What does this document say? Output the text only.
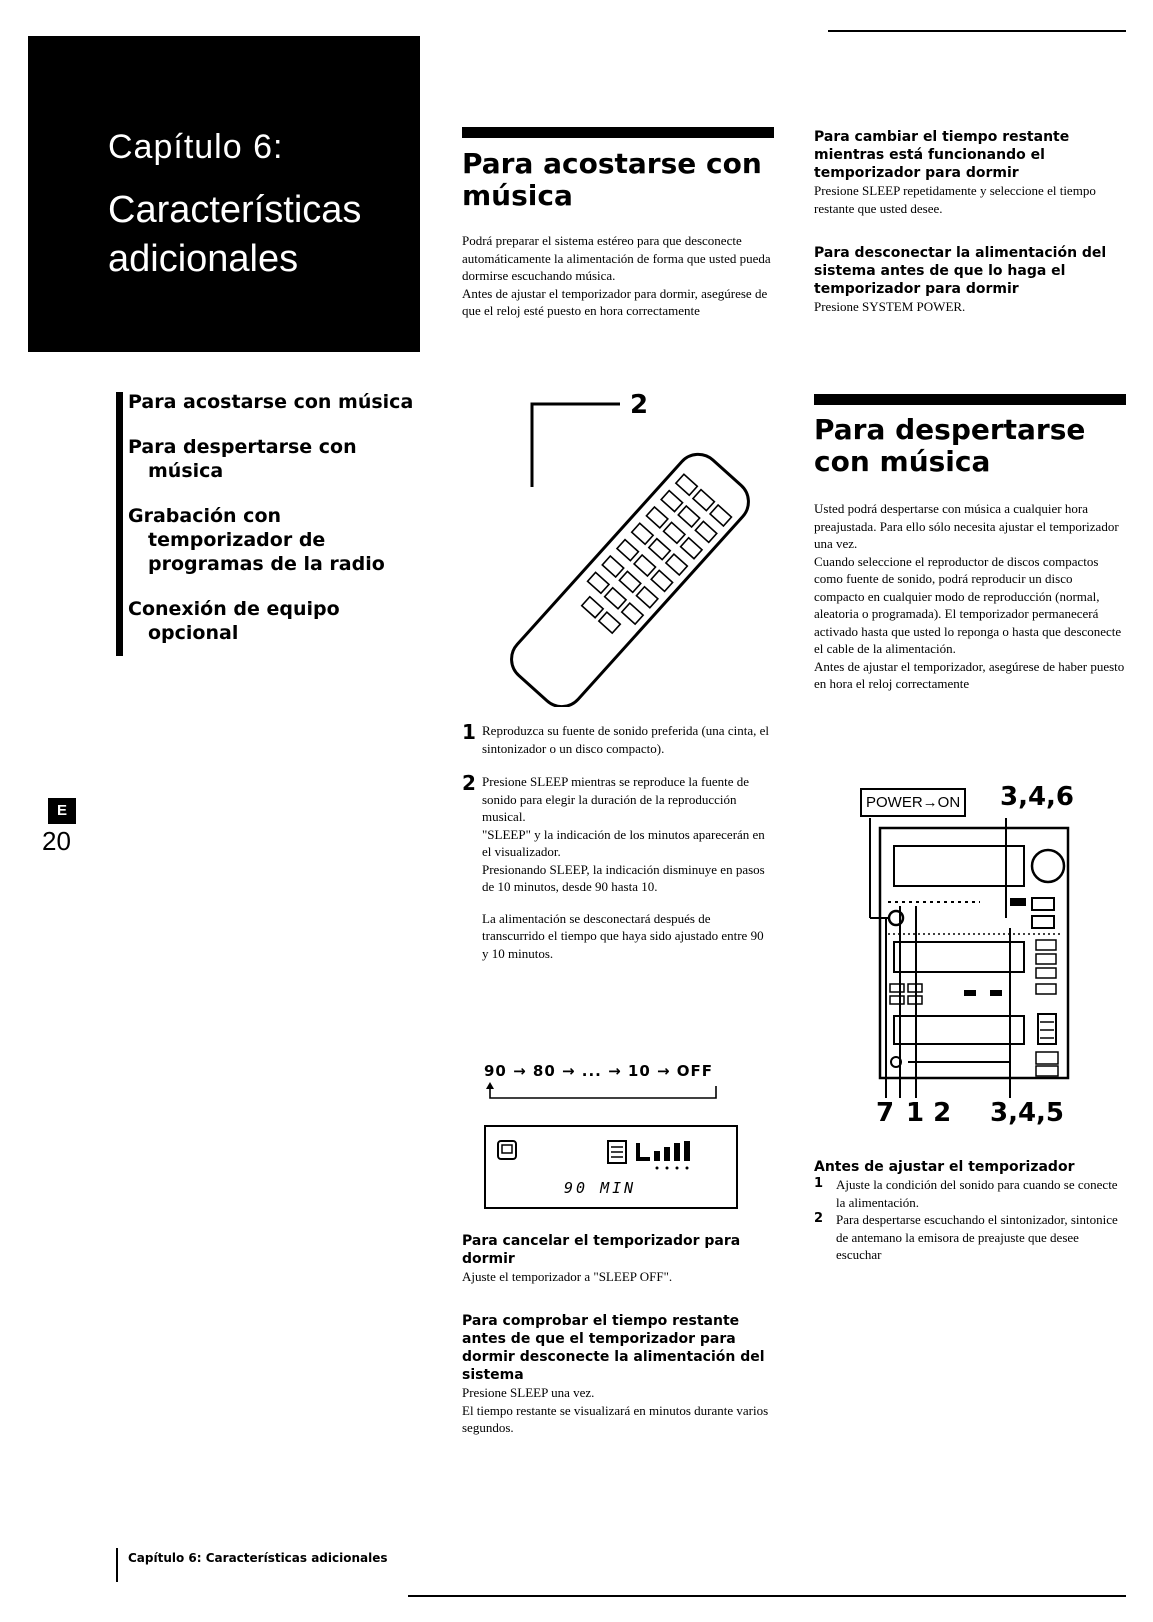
Capítulo 6:
Características adicionales
Para acostarse con música
Para despertarse con música
Grabación con temporizador de programas de la radio
Conexión de equipo opcional
E
20
Para acostarse con música

Podrá preparar el sistema estéreo para que desconecte automáticamente la alimentación de forma que usted pueda dormirse escuchando música.

Antes de ajustar el temporizador para dormir, asegúrese de que el reloj esté puesto en hora correctamente

2
1 Reproduzca su fuente de sonido preferida (una cinta, el sintonizador o un disco compacto).

2 Presione SLEEP mientras se reproduce la fuente de sonido para elegir la duración de la reproducción musical.

"SLEEP" y la indicación de los minutos aparecerán en el visualizador.

Presionando SLEEP, la indicación disminuye en pasos de 10 minutos, desde 90 hasta 10.

La alimentación se desconectará después de transcurrido el tiempo que haya sido ajustado entre 90 y 10 minutos.

90 → 80 → ... → 10 → OFF
90 MIN

Para cancelar el temporizador para dormir

Ajuste el temporizador a "SLEEP OFF".

Para comprobar el tiempo restante antes de que el temporizador para dormir desconecte la alimentación del sistema

Presione SLEEP una vez.

El tiempo restante se visualizará en minutos durante varios segundos.

Para cambiar el tiempo restante mientras está funcionando el temporizador para dormir

Presione SLEEP repetidamente y seleccione el tiempo restante que usted desee.

Para desconectar la alimentación del sistema antes de que lo haga el temporizador para dormir

Presione SYSTEM POWER.

Para despertarse con música

Usted podrá despertarse con música a cualquier hora preajustada. Para ello sólo necesita ajustar el temporizador una vez.

Cuando seleccione el reproductor de discos compactos como fuente de sonido, podrá reproducir un disco compacto en cualquier modo de reproducción (normal, aleatoria o programada). El temporizador permanecerá activado hasta que usted lo reponga o hasta que desconecte el cable de la alimentación.

Antes de ajustar el temporizador, asegúrese de haber puesto en hora el reloj correctamente

POWER→ON 3,4,6
7 1 2 3,4,5

Antes de ajustar el temporizador

1 Ajuste la condición del sonido para cuando se conecte la alimentación.

2 Para despertarse escuchando el sintonizador, sintonice de antemano la emisora de preajuste que desee escuchar

Capítulo 6: Características adicionales
